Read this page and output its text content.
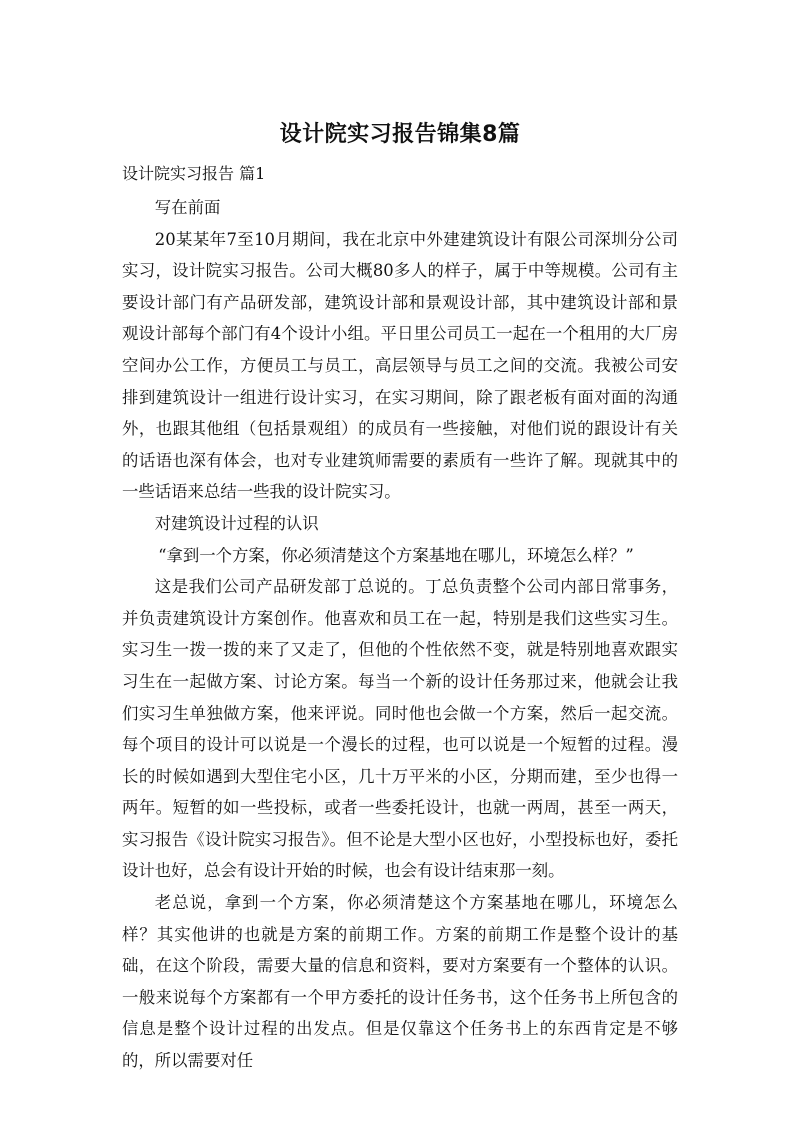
设计院实习报告锦集8篇
设计院实习报告 篇1

写在前面

20某某年7至10月期间，我在北京中外建建筑设计有限公司深圳分公司实习，设计院实习报告。公司大概80多人的样子，属于中等规模。公司有主要设计部门有产品研发部，建筑设计部和景观设计部，其中建筑设计部和景观设计部每个部门有4个设计小组。平日里公司员工一起在一个租用的大厂房空间办公工作，方便员工与员工，高层领导与员工之间的交流。我被公司安排到建筑设计一组进行设计实习，在实习期间，除了跟老板有面对面的沟通外，也跟其他组（包括景观组）的成员有一些接触，对他们说的跟设计有关的话语也深有体会，也对专业建筑师需要的素质有一些许了解。现就其中的一些话语来总结一些我的设计院实习。

对建筑设计过程的认识

“拿到一个方案，你必须清楚这个方案基地在哪儿，环境怎么样？”

这是我们公司产品研发部丁总说的。丁总负责整个公司内部日常事务，并负责建筑设计方案创作。他喜欢和员工在一起，特别是我们这些实习生。实习生一拨一拨的来了又走了，但他的个性依然不变，就是特别地喜欢跟实习生在一起做方案、讨论方案。每当一个新的设计任务那过来，他就会让我们实习生单独做方案，他来评说。同时他也会做一个方案，然后一起交流。每个项目的设计可以说是一个漫长的过程，也可以说是一个短暂的过程。漫长的时候如遇到大型住宅小区，几十万平米的小区，分期而建，至少也得一两年。短暂的如一些投标，或者一些委托设计，也就一两周，甚至一两天，实习报告《设计院实习报告》。但不论是大型小区也好，小型投标也好，委托设计也好，总会有设计开始的时候，也会有设计结束那一刻。

老总说，拿到一个方案，你必须清楚这个方案基地在哪儿，环境怎么样？其实他讲的也就是方案的前期工作。方案的前期工作是整个设计的基础，在这个阶段，需要大量的信息和资料，要对方案要有一个整体的认识。一般来说每个方案都有一个甲方委托的设计任务书，这个任务书上所包含的信息是整个设计过程的出发点。但是仅靠这个任务书上的东西肯定是不够的，所以需要对任
